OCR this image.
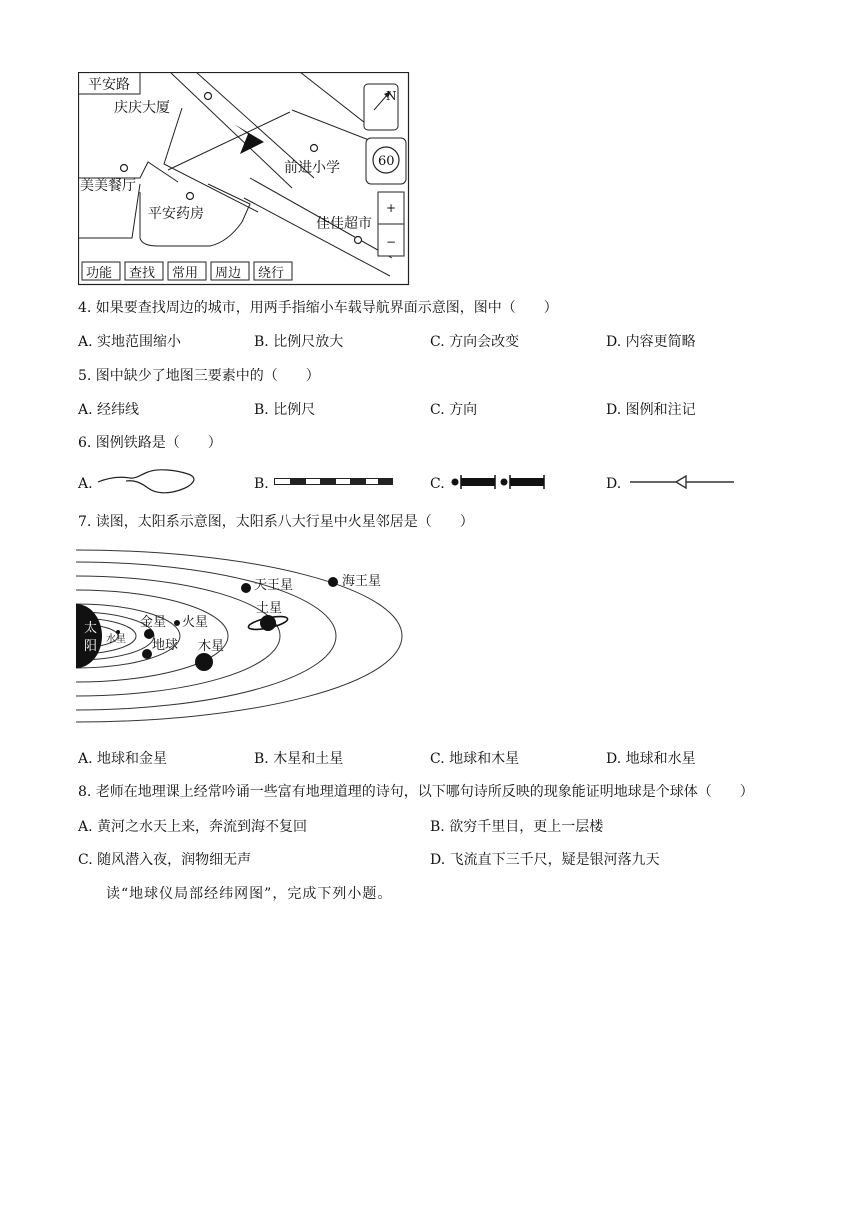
平安路
庆庆大厦
美美餐厅
平安药房
前进小学
佳佳超市
N
60
+
−
功能 查找 常用 周边 绕行
4. 如果要查找周边的城市，用两手指缩小车载导航界面示意图，图中（　　）
A. 实地范围缩小	B. 比例尺放大	C. 方向会改变	D. 内容更简略
5. 图中缺少了地图三要素中的（　　）
A. 经纬线	B. 比例尺	C. 方向	D. 图例和注记
6. 图例铁路是（　　）
A.	B.	C.	D.
7. 读图，太阳系示意图，太阳系八大行星中火星邻居是（　　）
太
阳 水星
金星
地球
火星
木星
土星
天王星	海王星
A. 地球和金星	B. 木星和土星	C. 地球和木星	D. 地球和水星
8. 老师在地理课上经常吟诵一些富有地理道理的诗句，以下哪句诗所反映的现象能证明地球是个球体（　　）
A. 黄河之水天上来，奔流到海不复回	B. 欲穷千里目，更上一层楼
C. 随风潜入夜，润物细无声	D. 飞流直下三千尺，疑是银河落九天
读“地球仪局部经纬网图”，完成下列小题。
